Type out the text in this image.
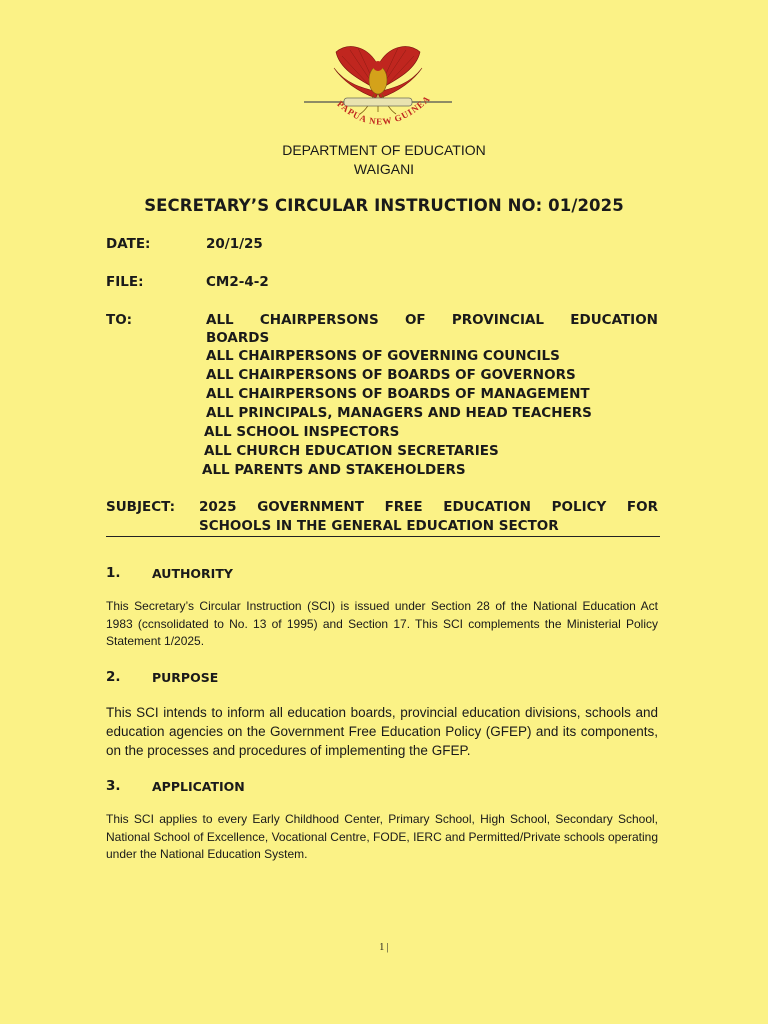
PAPUA NEW GUINEA
DEPARTMENT OF EDUCATION
WAIGANI
SECRETARY’S CIRCULAR INSTRUCTION NO: 01/2025
DATE:	20/1/25
FILE:	CM2-4-2
TO:	ALL CHAIRPERSONS OF PROVINCIAL EDUCATION
BOARDS
ALL CHAIRPERSONS OF GOVERNING COUNCILS
ALL CHAIRPERSONS OF BOARDS OF GOVERNORS
ALL CHAIRPERSONS OF BOARDS OF MANAGEMENT
ALL PRINCIPALS, MANAGERS AND HEAD TEACHERS
ALL SCHOOL INSPECTORS
ALL CHURCH EDUCATION SECRETARIES
ALL PARENTS AND STAKEHOLDERS
SUBJECT: 2025 GOVERNMENT FREE EDUCATION POLICY FOR
SCHOOLS IN THE GENERAL EDUCATION SECTOR
1.	AUTHORITY
This Secretary’s Circular Instruction (SCI) is issued under Section 28 of the National Education Act 1983 (ccnsolidated to No. 13 of 1995) and Section 17. This SCI complements the Ministerial Policy Statement 1/2025.
2.	PURPOSE
This SCI intends to inform all education boards, provincial education divisions, schools and education agencies on the Government Free Education Policy (GFEP) and its components, on the processes and procedures of implementing the GFEP.
3.	APPLICATION
This SCI applies to every Early Childhood Center, Primary School, High School, Secondary School, National School of Excellence, Vocational Centre, FODE, IERC and Permitted/Private schools operating under the National Education System.
1 |
